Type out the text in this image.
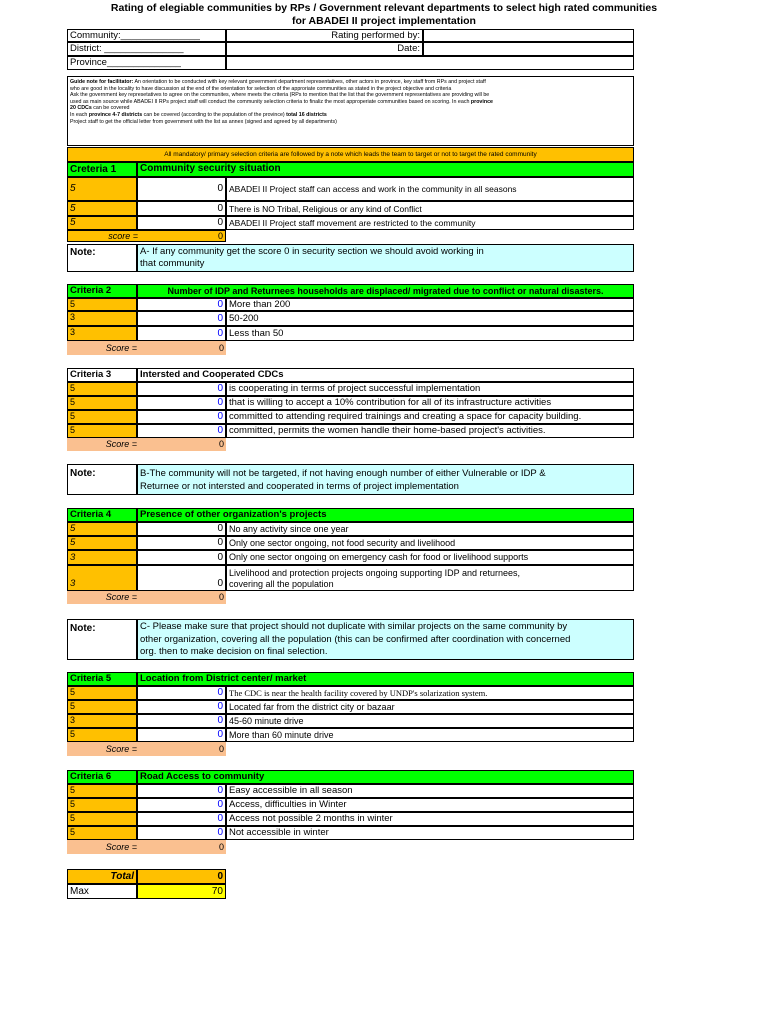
Rating of elegiable communities by RPs / Government relevant departments to select high rated communities
for ABADEI II project implementation
Community:_______________
District: _______________
Province______________
Rating performed by:
Date:
Guide note for facilitator: An orientation to be conducted with key relevant government department representatives, other actors in province, key staff from RPs and project staff
who are good in the locality to have discussion at the end of the orientation for selection of the approriate communities as stated in the project objective and criteria
Ask the government key represetatives to agree on the communites, where meets the criteria (RPs to mention that the list that the government representatives are providing will be
used as main source while ABADEI II RPs project staff will conduct the community selection criteria to finaliz the most approperiate communities based on scoring. In each province
20 CDCs can be covered
In each province 4-7 districts can be covered (according to the population of the province) total 16 districts
Project staff to get the official letter from government with the list as annex (signed and agreed by all departments)
All mandatory/ primary selection criteria are followed by a note which leads the team to target or not to target the rated community
Creteria 1	Community security situation
5	0 ABADEI II Project staff can access and work in the community in all seasons
5	0 There is NO Tribal, Religious or any kind of Conflict
5	0 ABADEI II Project staff movement are restricted to the community
score =	0
Note:	A- If any community get the score 0 in security section we should avoid working in
that community
Criteria 2	Number of IDP and Returnees households are displaced/ migrated due to conflict or natural disasters.
5	0 More than 200
3	0 50-200
3	0 Less than 50
Score =	0
Criteria 3	Intersted and Cooperated CDCs
5	0 is cooperating in terms of project successful implementation
5	0 that is willing to accept a 10% contribution for all of its infrastructure activities
5	0 committed to attending required trainings and creating a space for capacity building.
5	0 committed, permits the women handle their home-based project's activities.
Score =	0
Note:	B-The community will not be targeted, if not having enough number of either Vulnerable or IDP &
Returnee or not intersted and cooperated in terms of project implementation
Criteria 4	Presence of other organization's projects
5	0 No any activity since one year
5	0 Only one sector ongoing, not food security and livelihood
3	0 Only one sector ongoing on emergency cash for food or livelihood supports
3	0
Livelihood and protection projects ongoing supporting IDP and returnees,
covering all the population
Score =	0
Note:	C- Please make sure that project should not duplicate with similar projects on the same community by
other organization, covering all the population (this can be confirmed after coordination with concerned
org. then to make decision on final selection.
Criteria 5	Location from District center/ market
5	0 The CDC is near the health facility covered by UNDP's solarization system.
5	0 Located far from the district city or bazaar
3	0 45-60 minute drive
5	0 More than 60 minute drive
Score =	0
Criteria 6	Road Access to community
5	0 Easy accessible in all season
5	0 Access, difficulties in Winter
5	0 Access not possible 2 months in winter
5	0 Not accessible in winter
Score =	0
Total	0
Max	70
